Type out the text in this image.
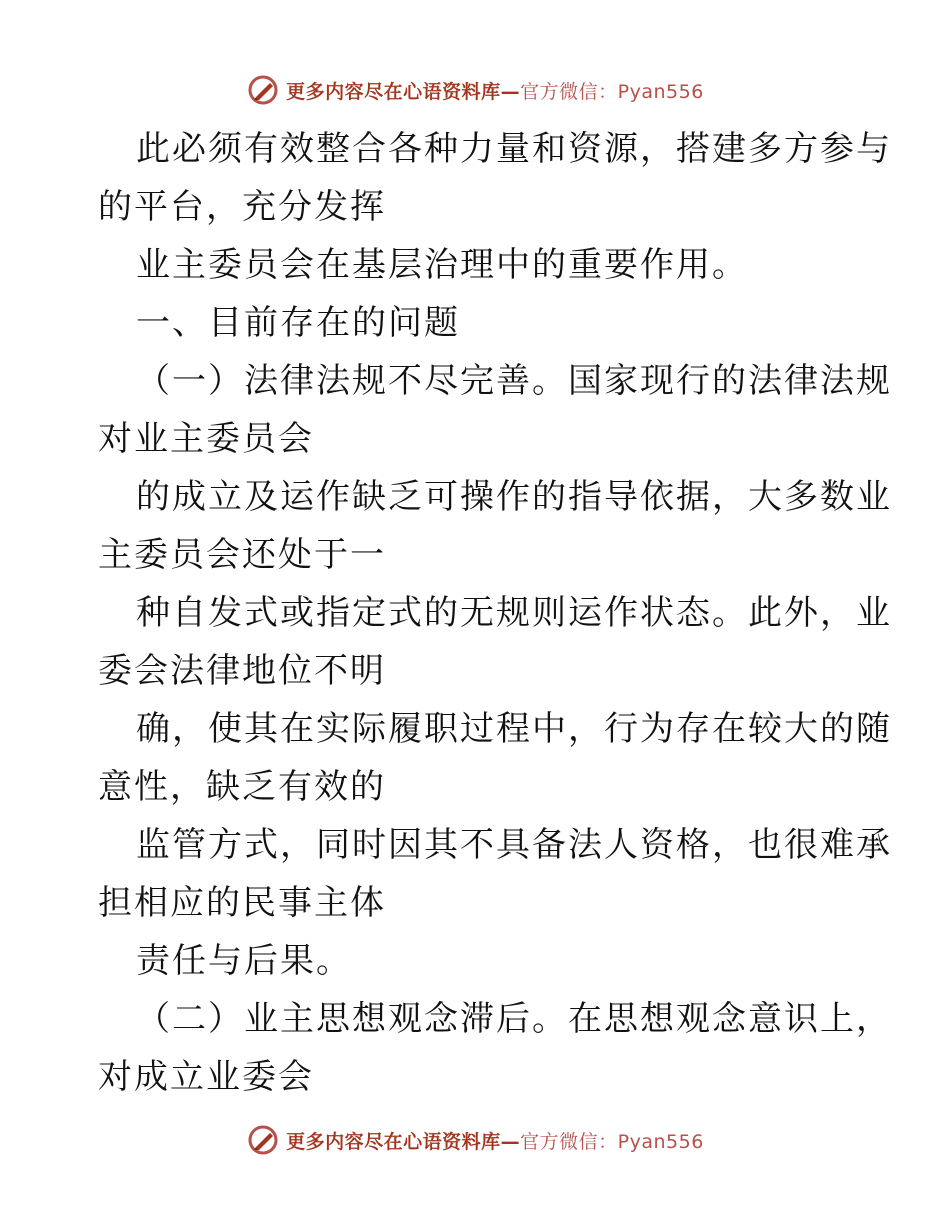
更多内容尽在心语资料库—官方微信：Pyan556
此必须有效整合各种力量和资源，搭建多方参与
的平台，充分发挥
业主委员会在基层治理中的重要作用。
一、目前存在的问题
（一）法律法规不尽完善。国家现行的法律法规
对业主委员会
的成立及运作缺乏可操作的指导依据，大多数业
主委员会还处于一
种自发式或指定式的无规则运作状态。此外，业
委会法律地位不明
确，使其在实际履职过程中，行为存在较大的随
意性，缺乏有效的
监管方式，同时因其不具备法人资格，也很难承
担相应的民事主体
责任与后果。
（二）业主思想观念滞后。在思想观念意识上，
对成立业委会
更多内容尽在心语资料库—官方微信：Pyan556
